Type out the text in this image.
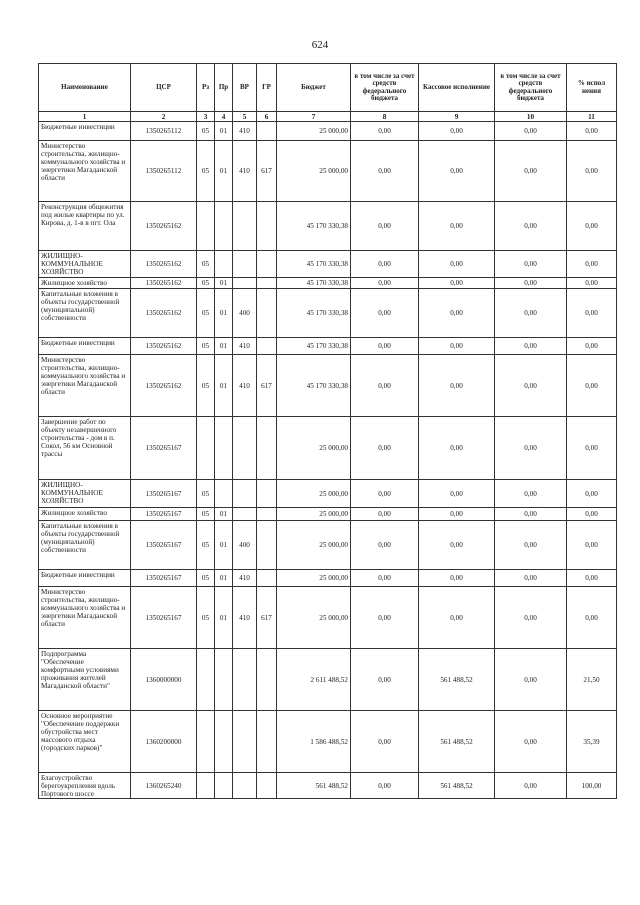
624
Наименование	ЦСР	Рз	Пр	ВР	ГР	Бюджет	в том числе за счет средств федерального бюджета	Кассовое исполнение	в том числе за счет средств федерального бюджета	% испол нения
1	2	3	4	5	6	7	8	9	10	11
Бюджетные инвестиции	1350265112	05	01	410		25 000,00	0,00	0,00	0,00	0,00
Министерство строительства, жилищно-коммунального хозяйства и энергетики Магаданской области	1350265112	05	01	410	617	25 000,00	0,00	0,00	0,00	0,00
Реконструкция общежития под жилые квартиры по ул. Кирова, д. 1-в в пгт. Ола	1350265162					45 170 330,38	0,00	0,00	0,00	0,00
ЖИЛИЩНО-КОММУНАЛЬНОЕ ХОЗЯЙСТВО	1350265162	05				45 170 330,38	0,00	0,00	0,00	0,00
Жилищное хозяйство	1350265162	05	01			45 170 330,38	0,00	0,00	0,00	0,00
Капитальные вложения в объекты государственной (муниципальной) собственности	1350265162	05	01	400		45 170 330,38	0,00	0,00	0,00	0,00
Бюджетные инвестиции	1350265162	05	01	410		45 170 330,38	0,00	0,00	0,00	0,00
Министерство строительства, жилищно-коммунального хозяйства и энергетики Магаданской области	1350265162	05	01	410	617	45 170 330,38	0,00	0,00	0,00	0,00
Завершение работ по объекту незавершенного строительства - дом в п. Сокол, 56 км Основной трассы	1350265167					25 000,00	0,00	0,00	0,00	0,00
ЖИЛИЩНО-КОММУНАЛЬНОЕ ХОЗЯЙСТВО	1350265167	05				25 000,00	0,00	0,00	0,00	0,00
Жилищное хозяйство	1350265167	05	01			25 000,00	0,00	0,00	0,00	0,00
Капитальные вложения в объекты государственной (муниципальной) собственности	1350265167	05	01	400		25 000,00	0,00	0,00	0,00	0,00
Бюджетные инвестиции	1350265167	05	01	410		25 000,00	0,00	0,00	0,00	0,00
Министерство строительства, жилищно-коммунального хозяйства и энергетики Магаданской области	1350265167	05	01	410	617	25 000,00	0,00	0,00	0,00	0,00
Подпрограмма "Обеспечение комфортными условиями проживания жителей Магаданской области"	1360000000					2 611 488,52	0,00	561 488,52	0,00	21,50
Основное мероприятие "Обеспечение поддержки обустройства мест массового отдыха (городских парков)"	1360200000					1 586 488,52	0,00	561 488,52	0,00	35,39
Благоустройство берегоукрепления вдоль Портового шоссе	1360265240					561 488,52	0,00	561 488,52	0,00	100,00
